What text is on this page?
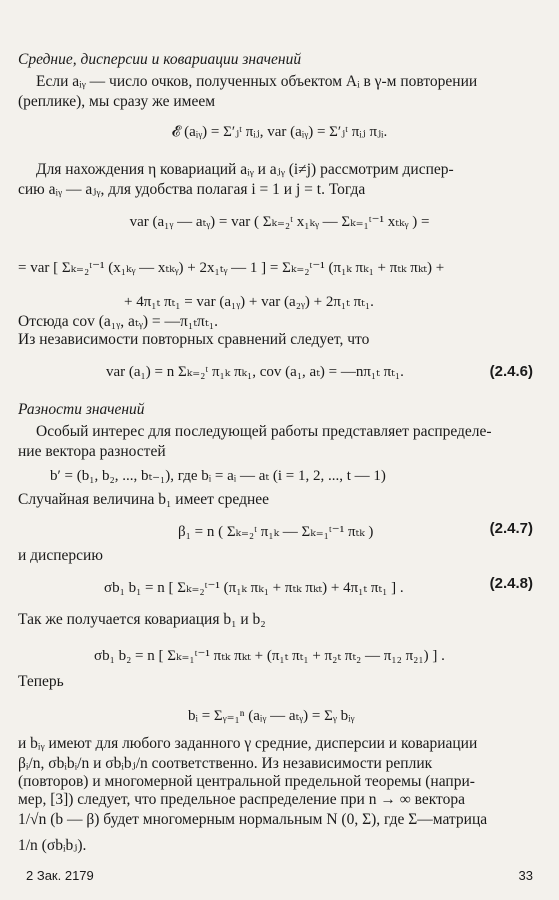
Средние, дисперсии и ковариации значений
Если aᵢᵧ — число очков, полученных объектом Aᵢ в γ-м повторении
(реплике), мы сразу же имеем
𝓔 (aᵢᵧ) = Σ′ⱼᵗ πᵢⱼ, var (aᵢᵧ) = Σ′ⱼᵗ πᵢⱼ πⱼᵢ.
Для нахождения η ковариаций aᵢᵧ и aⱼᵧ (i≠j) рассмотрим диспер-
сию aᵢᵧ — aⱼᵧ, для удобства полагая i = 1 и j = t. Тогда
var (a₁ᵧ — aₜᵧ) = var ( Σₖ₌₂ᵗ x₁ₖᵧ — Σₖ₌₁ᵗ⁻¹ xₜₖᵧ ) =
= var [ Σₖ₌₂ᵗ⁻¹ (x₁ₖᵧ — xₜₖᵧ) + 2x₁ₜᵧ — 1 ] = Σₖ₌₂ᵗ⁻¹ (π₁ₖ πₖ₁ + πₜₖ πₖₜ) +
+ 4π₁ₜ πₜ₁ = var (a₁ᵧ) + var (a₂ᵧ) + 2π₁ₜ πₜ₁.
Отсюда cov (a₁ᵧ, aₜᵧ) = —π₁ₜπₜ₁.
Из независимости повторных сравнений следует, что
var (a₁) = n Σₖ₌₂ᵗ π₁ₖ πₖ₁, cov (a₁, aₜ) = —nπ₁ₜ πₜ₁.	(2.4.6)
Разности значений
Особый интерес для последующей работы представляет распределе-
ние вектора разностей
b′ = (b₁, b₂, ..., bₜ₋₁), где bᵢ = aᵢ — aₜ (i = 1, 2, ..., t — 1)
Случайная величина b₁ имеет среднее
β₁ = n ( Σₖ₌₂ᵗ π₁ₖ — Σₖ₌₁ᵗ⁻¹ πₜₖ )	(2.4.7)
и дисперсию
σb₁ b₁ = n [ Σₖ₌₂ᵗ⁻¹ (π₁ₖ πₖ₁ + πₜₖ πₖₜ) + 4π₁ₜ πₜ₁ ] .	(2.4.8)
Так же получается ковариация b₁ и b₂
σb₁ b₂ = n [ Σₖ₌₁ᵗ⁻¹ πₜₖ πₖₜ + (π₁ₜ πₜ₁ + π₂ₜ πₜ₂ — π₁₂ π₂₁) ] .
Теперь
bᵢ = Σᵧ₌₁ⁿ (aᵢᵧ — aₜᵧ) = Σᵧ bᵢᵧ
и bᵢᵧ имеют для любого заданного γ средние, дисперсии и ковариации
βᵢ/n, σbᵢbᵢ/n и σbᵢbⱼ/n соответственно. Из независимости реплик
(повторов) и многомерной центральной предельной теоремы (напри-
мер, [3]) следует, что предельное распределение при n → ∞ вектора
1/√n (b — β) будет многомерным нормальным N (0, Σ), где Σ—матрица
1/n (σbᵢbⱼ).
2 Зак. 2179	33
